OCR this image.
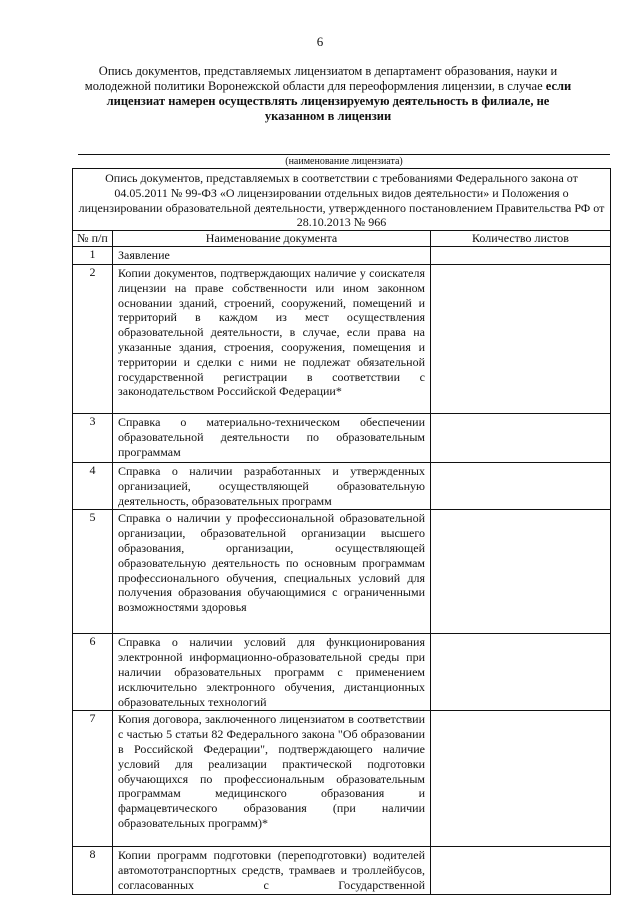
6
Опись документов, представляемых лицензиатом в департамент образования, науки и молодежной политики Воронежской области для переоформления лицензии, в случае если лицензиат намерен осуществлять лицензируемую деятельность в филиале, не указанном в лицензии
(наименование лицензиата)
Опись документов, представляемых в соответствии с требованиями Федерального закона от 04.05.2011 № 99-ФЗ «О лицензировании отдельных видов деятельности» и Положения о лицензировании образовательной деятельности, утвержденного постановлением Правительства РФ от 28.10.2013 № 966		
№ п/п	Наименование документа	Количество листов
1	Заявление	
2	Копии документов, подтверждающих наличие у соискателя лицензии на праве собственности или ином законном основании зданий, строений, сооружений, помещений и территорий в каждом из мест осуществления образовательной деятельности, в случае, если права на указанные здания, строения, сооружения, помещения и территории и сделки с ними не подлежат обязательной государственной регистрации в соответствии с законодательством Российской Федерации*	
3	Справка о материально-техническом обеспечении образовательной деятельности по образовательным программам	
4	Справка о наличии разработанных и утвержденных организацией, осуществляющей образовательную деятельность, образовательных программ	
5	Справка о наличии у профессиональной образовательной организации, образовательной организации высшего образования, организации, осуществляющей образовательную деятельность по основным программам профессионального обучения, специальных условий для получения образования обучающимися с ограниченными возможностями здоровья	
6	Справка о наличии условий для функционирования электронной информационно-образовательной среды при наличии образовательных программ с применением исключительно электронного обучения, дистанционных образовательных технологий	
7	Копия договора, заключенного лицензиатом в соответствии с частью 5 статьи 82 Федерального закона "Об образовании в Российской Федерации", подтверждающего наличие условий для реализации практической подготовки обучающихся по профессиональным образовательным программам медицинского образования и фармацевтического образования (при наличии образовательных программ)*	
8	Копии программ подготовки (переподготовки) водителей автомототранспортных средств, трамваев и троллейбусов, согласованных с Государственной	
